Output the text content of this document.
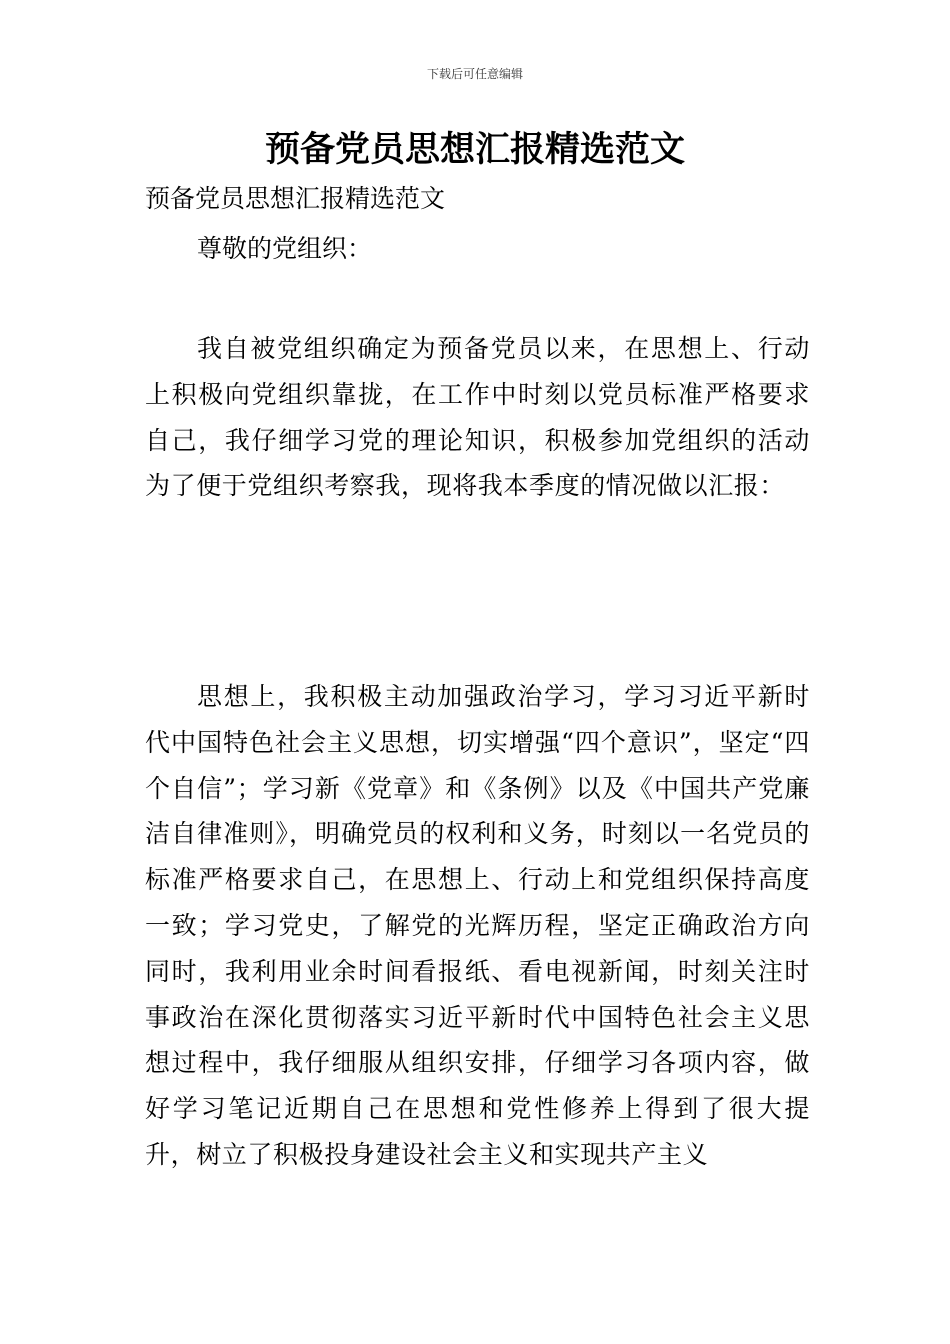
下载后可任意编辑
预备党员思想汇报精选范文
预备党员思想汇报精选范文
尊敬的党组织：

我自被党组织确定为预备党员以来，在思想上、行动上积极向党组织靠拢，在工作中时刻以党员标准严格要求自己，我仔细学习党的理论知识，积极参加党组织的活动为了便于党组织考察我，现将我本季度的情况做以汇报：

思想上，我积极主动加强政治学习，学习习近平新时代中国特色社会主义思想，切实增强“四个意识”，坚定“四个自信”；学习新《党章》和《条例》以及《中国共产党廉洁自律准则》，明确党员的权利和义务，时刻以一名党员的标准严格要求自己，在思想上、行动上和党组织保持高度一致；学习党史，了解党的光辉历程，坚定正确政治方向同时，我利用业余时间看报纸、看电视新闻，时刻关注时事政治在深化贯彻落实习近平新时代中国特色社会主义思想过程中，我仔细服从组织安排，仔细学习各项内容，做好学习笔记近期自己在思想和党性修养上得到了很大提升，树立了积极投身建设社会主义和实现共产主义
